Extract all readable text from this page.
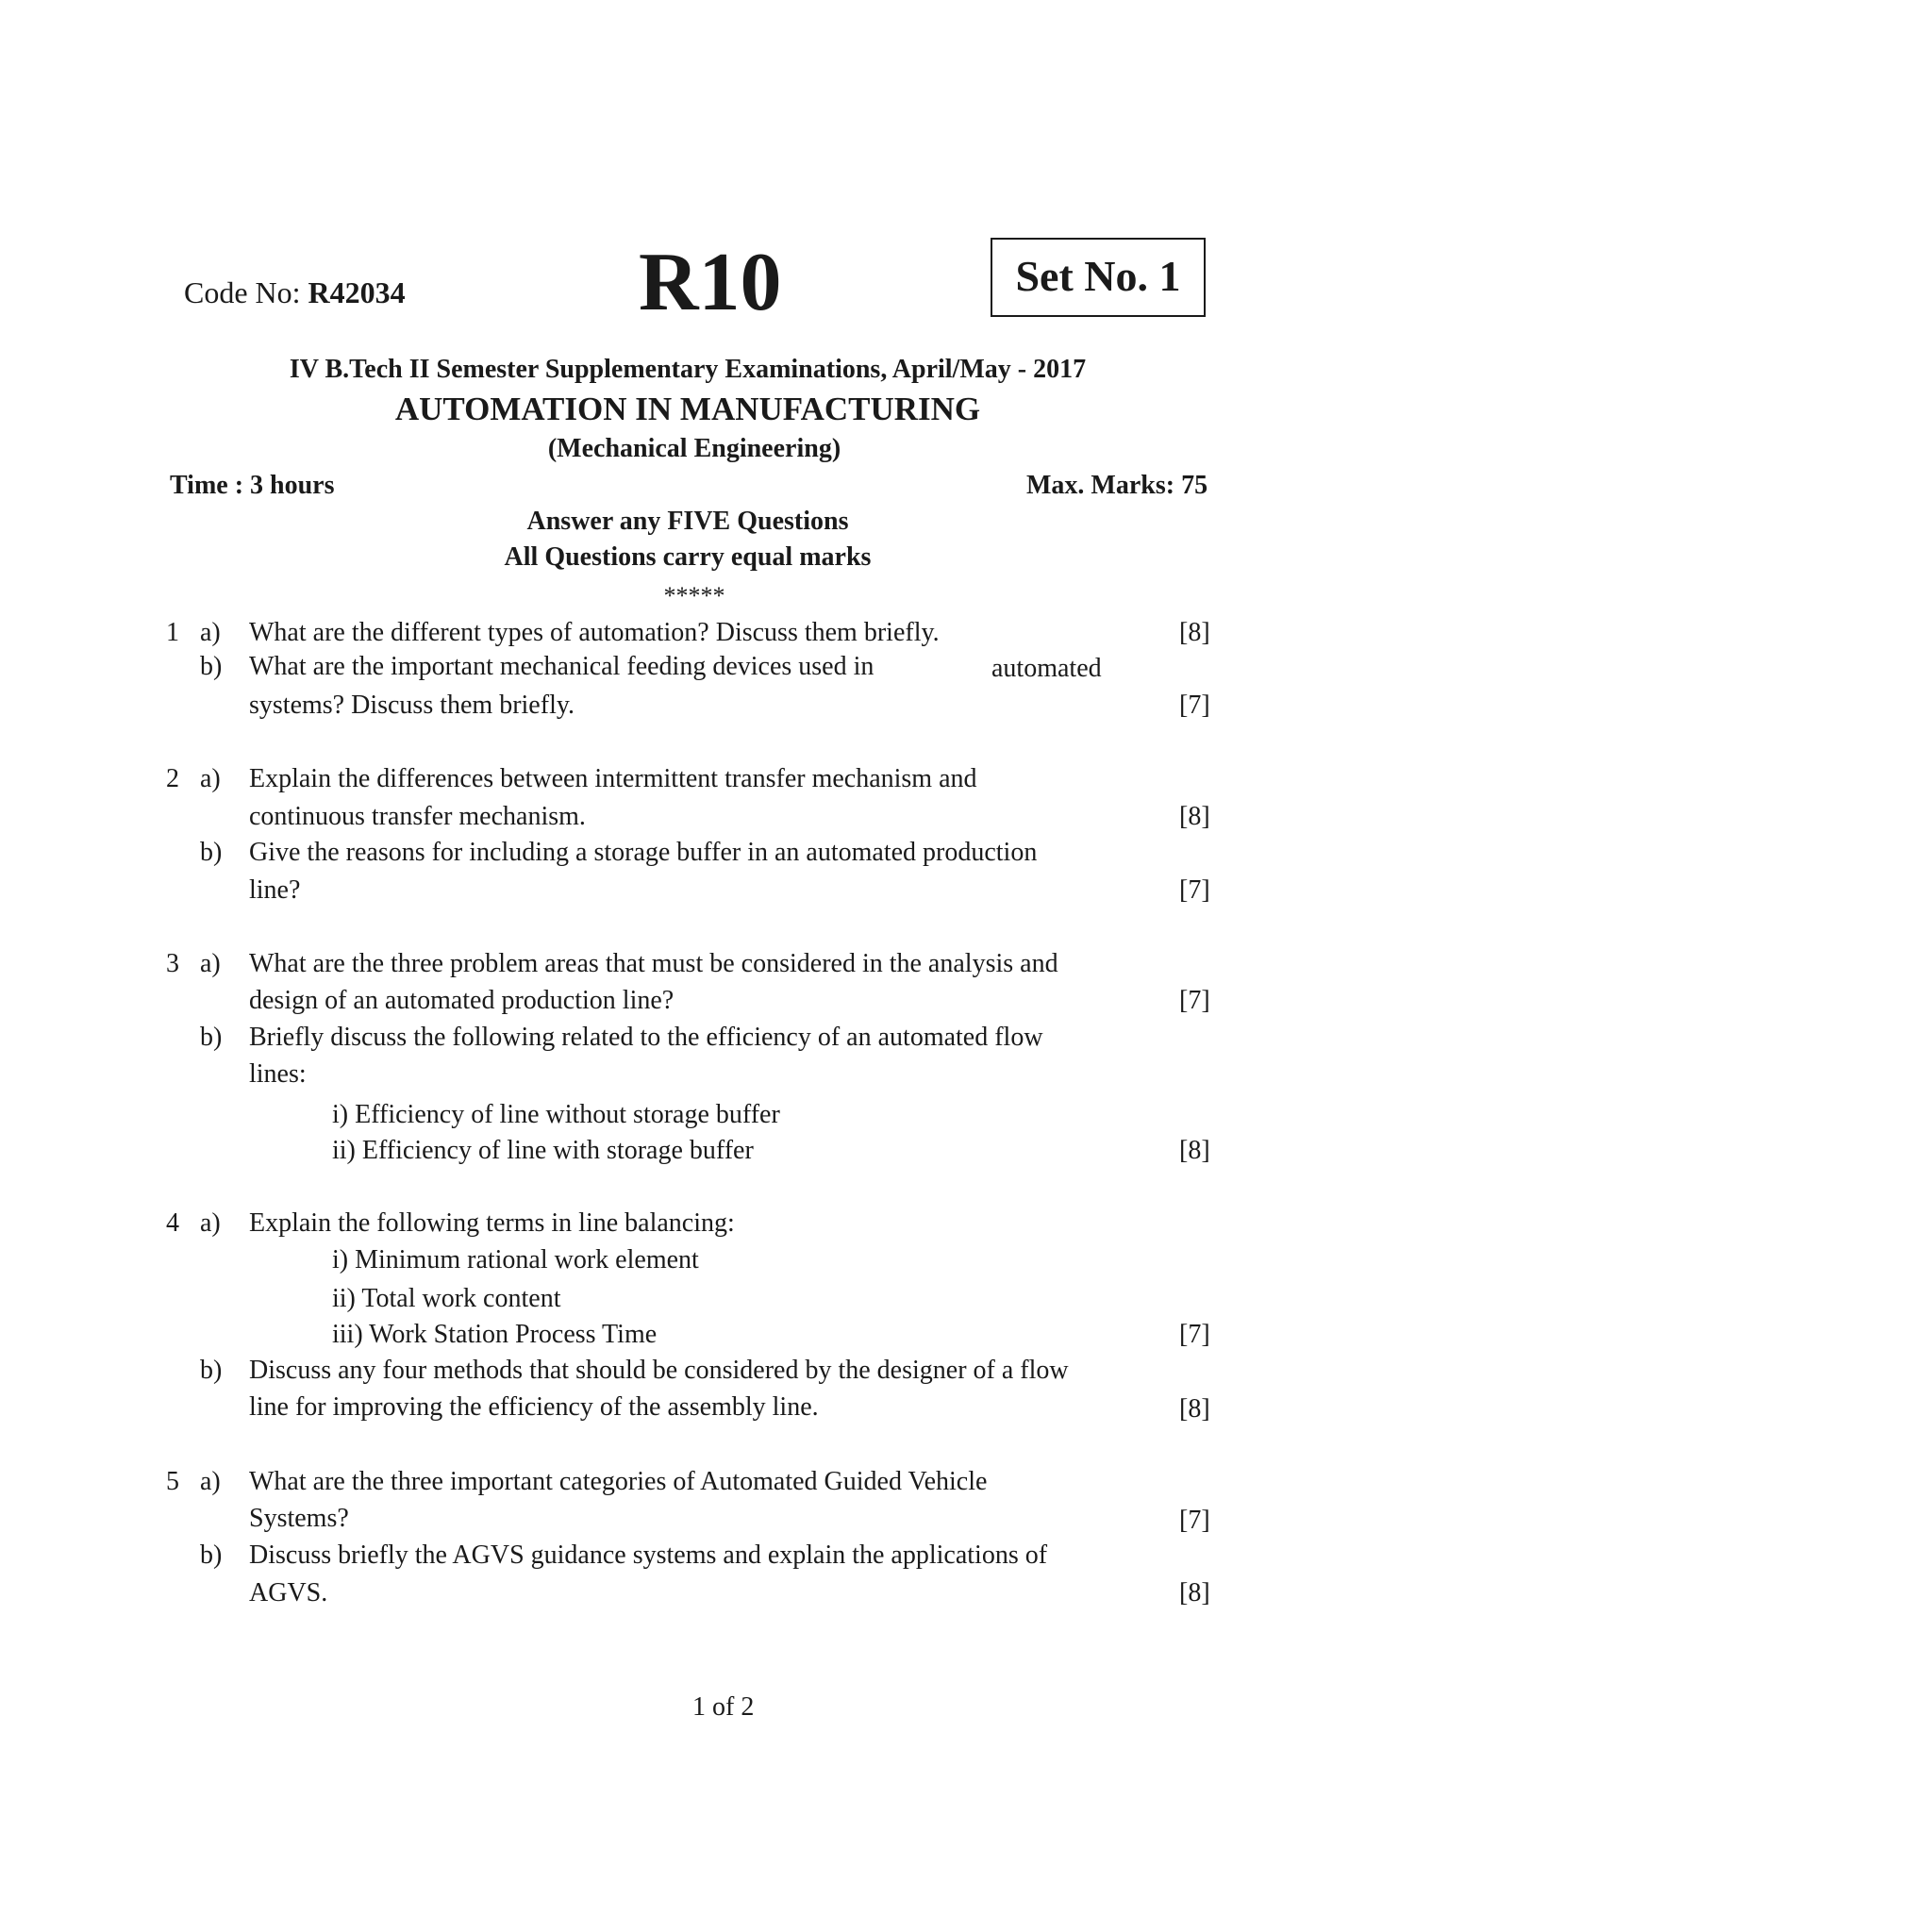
Code No: R42034	R10	Set No. 1
IV B.Tech II Semester Supplementary Examinations, April/May - 2017
AUTOMATION IN MANUFACTURING
(Mechanical Engineering)
Time : 3 hours	Max. Marks: 75
Answer any FIVE Questions
All Questions carry equal marks
*****
1 a) What are the different types of automation? Discuss them briefly.	[8]
b) What are the important mechanical feeding devices used in	automated
systems? Discuss them briefly.	[7]
2 a) Explain the differences between intermittent transfer mechanism and
continuous transfer mechanism.	[8]
b) Give the reasons for including a storage buffer in an automated production
line?	[7]
3 a) What are the three problem areas that must be considered in the analysis and
design of an automated production line?	[7]
b) Briefly discuss the following related to the efficiency of an automated flow
lines:
i) Efficiency of line without storage buffer
ii) Efficiency of line with storage buffer	[8]
4 a) Explain the following terms in line balancing:
i) Minimum rational work element
ii) Total work content
iii) Work Station Process Time	[7]
b) Discuss any four methods that should be considered by the designer of a flow
line for improving the efficiency of the assembly line.	[8]
5 a) What are the three important categories of Automated Guided Vehicle
Systems?	[7]
b) Discuss briefly the AGVS guidance systems and explain the applications of
AGVS.	[8]
1 of 2
